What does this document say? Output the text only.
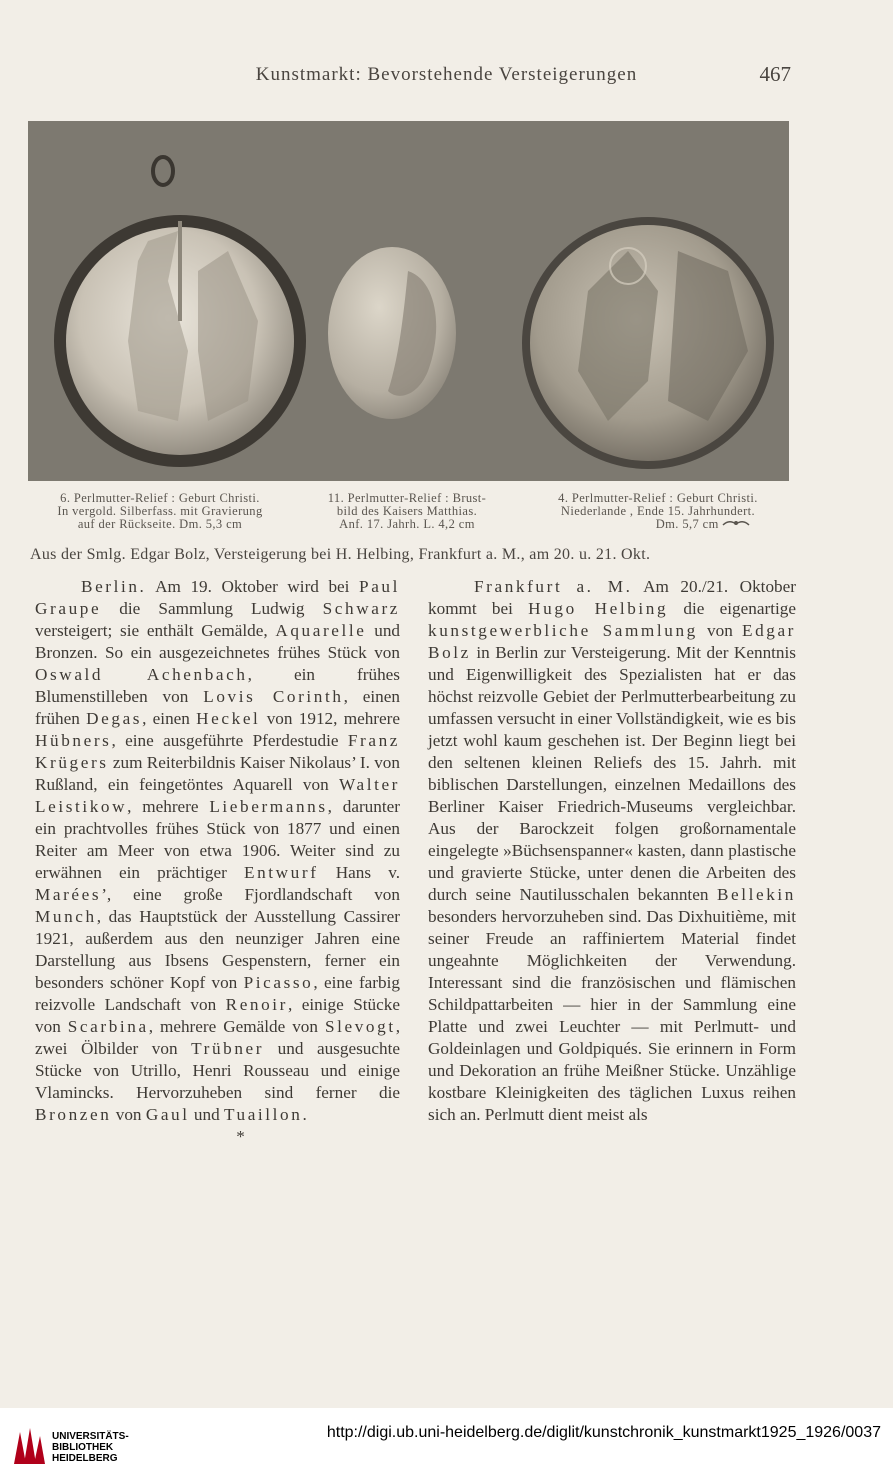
Kunstmarkt: Bevorstehende Versteigerungen	467
6. Perlmutter-Relief : Geburt Christi.
In vergold. Silberfass. mit Gravierung
auf der Rückseite. Dm. 5,3 cm
11. Perlmutter-Relief : Brust-
bild des Kaisers Matthias.
Anf. 17. Jahrh. L. 4,2 cm
4. Perlmutter-Relief : Geburt Christi.
Niederlande , Ende 15. Jahrhundert.
Dm. 5,7 cm
Aus der Smlg. Edgar Bolz, Versteigerung bei H. Helbing, Frankfurt a. M., am 20. u. 21. Okt.

Berlin. Am 19. Oktober wird bei Paul Graupe die Sammlung Ludwig Schwarz versteigert; sie enthält Gemälde, Aquarelle und Bronzen. So ein ausgezeichnetes frühes Stück von Oswald Achenbach, ein frühes Blumenstilleben von Lovis Corinth, einen frühen Degas, einen Heckel von 1912, mehrere Hübners, eine ausgeführte Pferdestudie Franz Krügers zum Reiterbildnis Kaiser Nikolaus’ I. von Rußland, ein feingetöntes Aquarell von Walter Leistikow, mehrere Liebermanns, darunter ein prachtvolles frühes Stück von 1877 und einen Reiter am Meer von etwa 1906. Weiter sind zu erwähnen ein prächtiger Entwurf Hans v. Marées’, eine große Fjordlandschaft von Munch, das Hauptstück der Ausstellung Cassirer 1921, außerdem aus den neunziger Jahren eine Darstellung aus Ibsens Gespenstern, ferner ein besonders schöner Kopf von Picasso, eine farbig reizvolle Landschaft von Renoir, einige Stücke von Scarbina, mehrere Gemälde von Slevogt, zwei Ölbilder von Trübner und ausgesuchte Stücke von Utrillo, Henri Rousseau und einige Vlamincks. Hervorzuheben sind ferner die Bronzen von Gaul und Tuaillon.

*

Frankfurt a. M. Am 20./21. Oktober kommt bei Hugo Helbing die eigenartige kunstgewerbliche Sammlung von Edgar Bolz in Berlin zur Versteigerung. Mit der Kenntnis und Eigenwilligkeit des Spezialisten hat er das höchst reizvolle Gebiet der Perlmutterbearbeitung zu umfassen versucht in einer Vollständigkeit, wie es bis jetzt wohl kaum geschehen ist. Der Beginn liegt bei den seltenen kleinen Reliefs des 15. Jahrh. mit biblischen Darstellungen, einzelnen Medaillons des Berliner Kaiser Friedrich-Museums vergleichbar. Aus der Barockzeit folgen großornamentale eingelegte »Büchsenspanner« kasten, dann plastische und gravierte Stücke, unter denen die Arbeiten des durch seine Nautilusschalen bekannten Bellekin besonders hervorzuheben sind. Das Dixhuitième, mit seiner Freude an raffiniertem Material findet ungeahnte Möglichkeiten der Verwendung. Interessant sind die französischen und flämischen Schildpattarbeiten — hier in der Sammlung eine Platte und zwei Leuchter — mit Perlmutt- und Goldeinlagen und Goldpiqués. Sie erinnern in Form und Dekoration an frühe Meißner Stücke. Unzählige kostbare Kleinigkeiten des täglichen Luxus reihen sich an. Perlmutt dient meist als

UNIVERSITÄTS-
BIBLIOTHEK
HEIDELBERG
http://digi.ub.uni-heidelberg.de/diglit/kunstchronik_kunstmarkt1925_1926/0037
